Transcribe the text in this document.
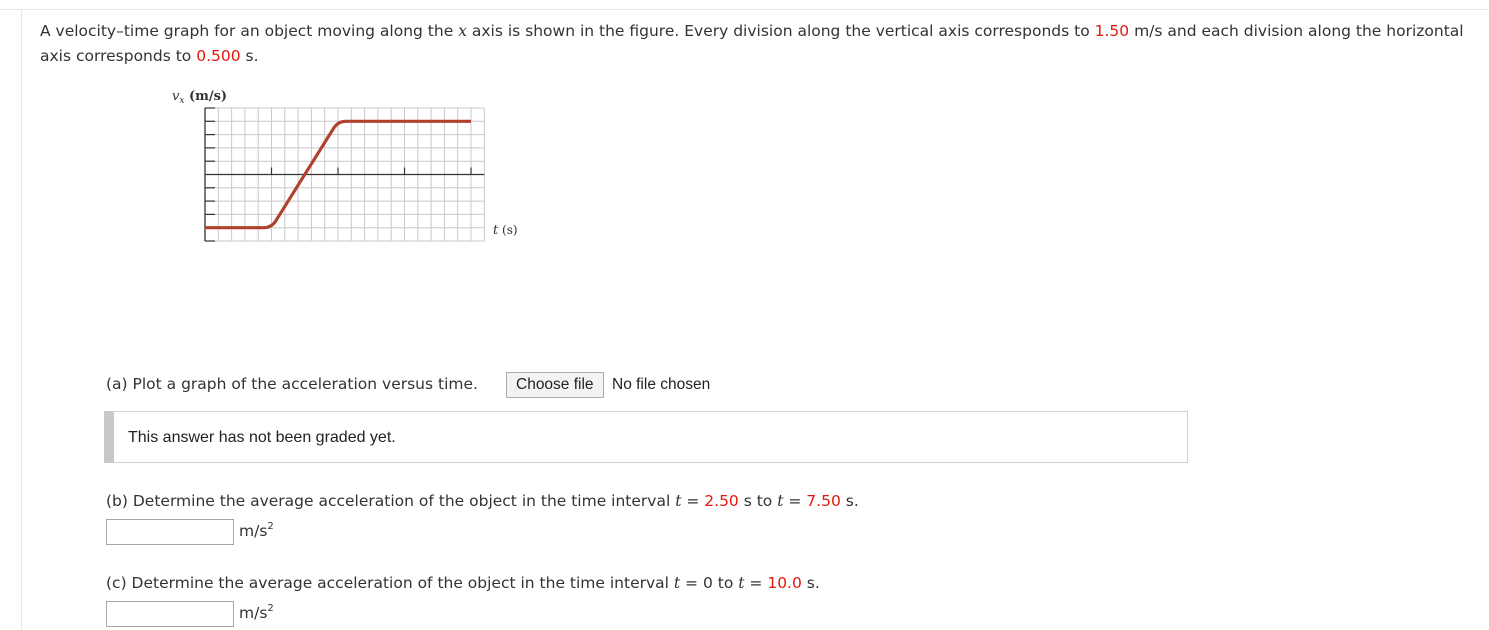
A velocity–time graph for an object moving along the x axis is shown in the figure. Every division along the vertical axis corresponds to 1.50 m/s and each division along the horizontal axis corresponds to 0.500 s.
$v_x$ (m/s)
t (s)
(a) Plot a graph of the acceleration versus time.	Choose file	No file chosen
This answer has not been graded yet.
(b) Determine the average acceleration of the object in the time interval t = 2.50 s to t = 7.50 s.
$m/s^2$
(c) Determine the average acceleration of the object in the time interval t = 0 to t = 10.0 s.
$m/s^2$
